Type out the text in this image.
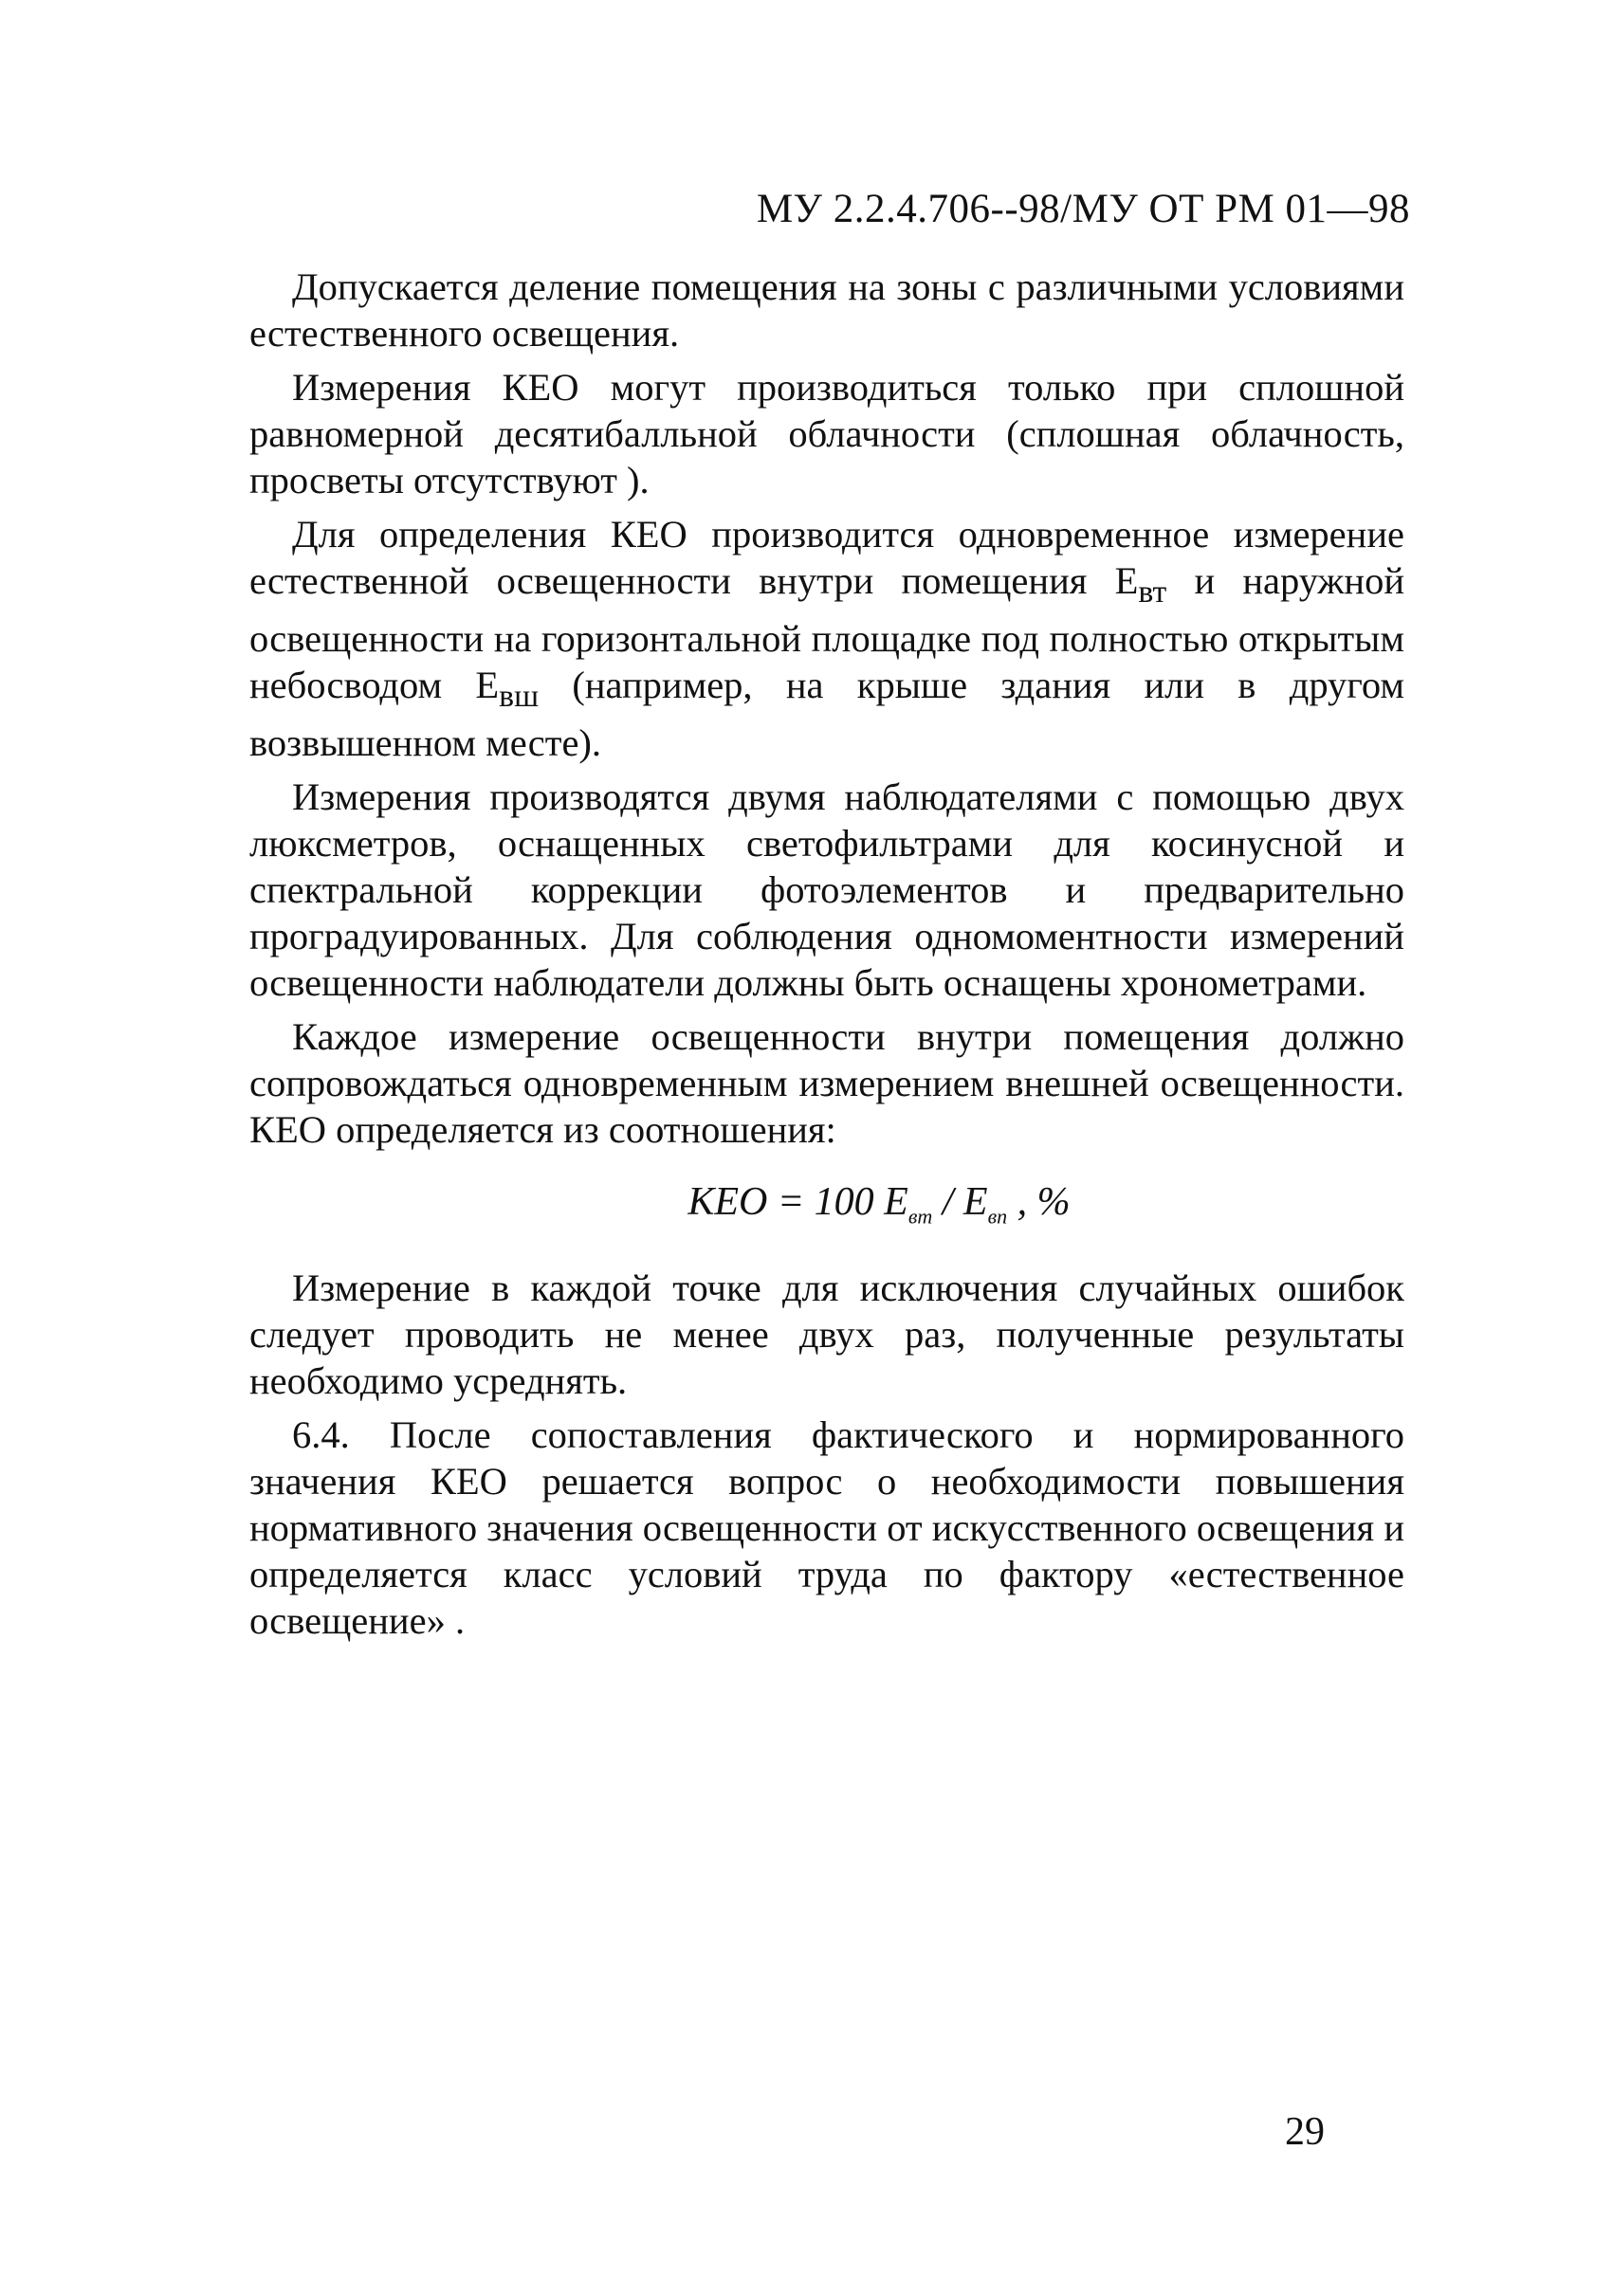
МУ 2.2.4.706--98/МУ ОТ РМ 01—98

Допускается деление помещения на зоны с различными условиями естественного освещения.

Измерения КЕО могут производиться только при сплошной равномерной десятибалльной облачности (сплошная облачность, просветы отсутствуют ).

Для определения КЕО производится одновременное измерение естественной освещенности внутри помещения $E_{вт}$ и наружной освещенности на горизонтальной площадке под полностью открытым небосводом $E_{вш}$ (например, на крыше здания или в другом возвышенном месте).

Измерения производятся двумя наблюдателями с помощью двух люксметров, оснащенных светофильтрами для косинусной и спектральной коррекции фотоэлементов и предварительно проградуированных. Для соблюдения одномоментности измерений освещенности наблюдатели должны быть оснащены хронометрами.

Каждое измерение освещенности внутри помещения должно сопровождаться одновременным измерением внешней освещенности. КЕО определяется из соотношения:

KEO = 100 $E_{вт} / E_{вп}$ , %

Измерение в каждой точке для исключения случайных ошибок следует проводить не менее двух раз, полученные результаты необходимо усреднять.

6.4. После сопоставления фактического и нормированного значения КЕО решается вопрос о необходимости повышения нормативного значения освещенности от искусственного освещения и определяется класс условий труда по фактору «естественное освещение» .

29
